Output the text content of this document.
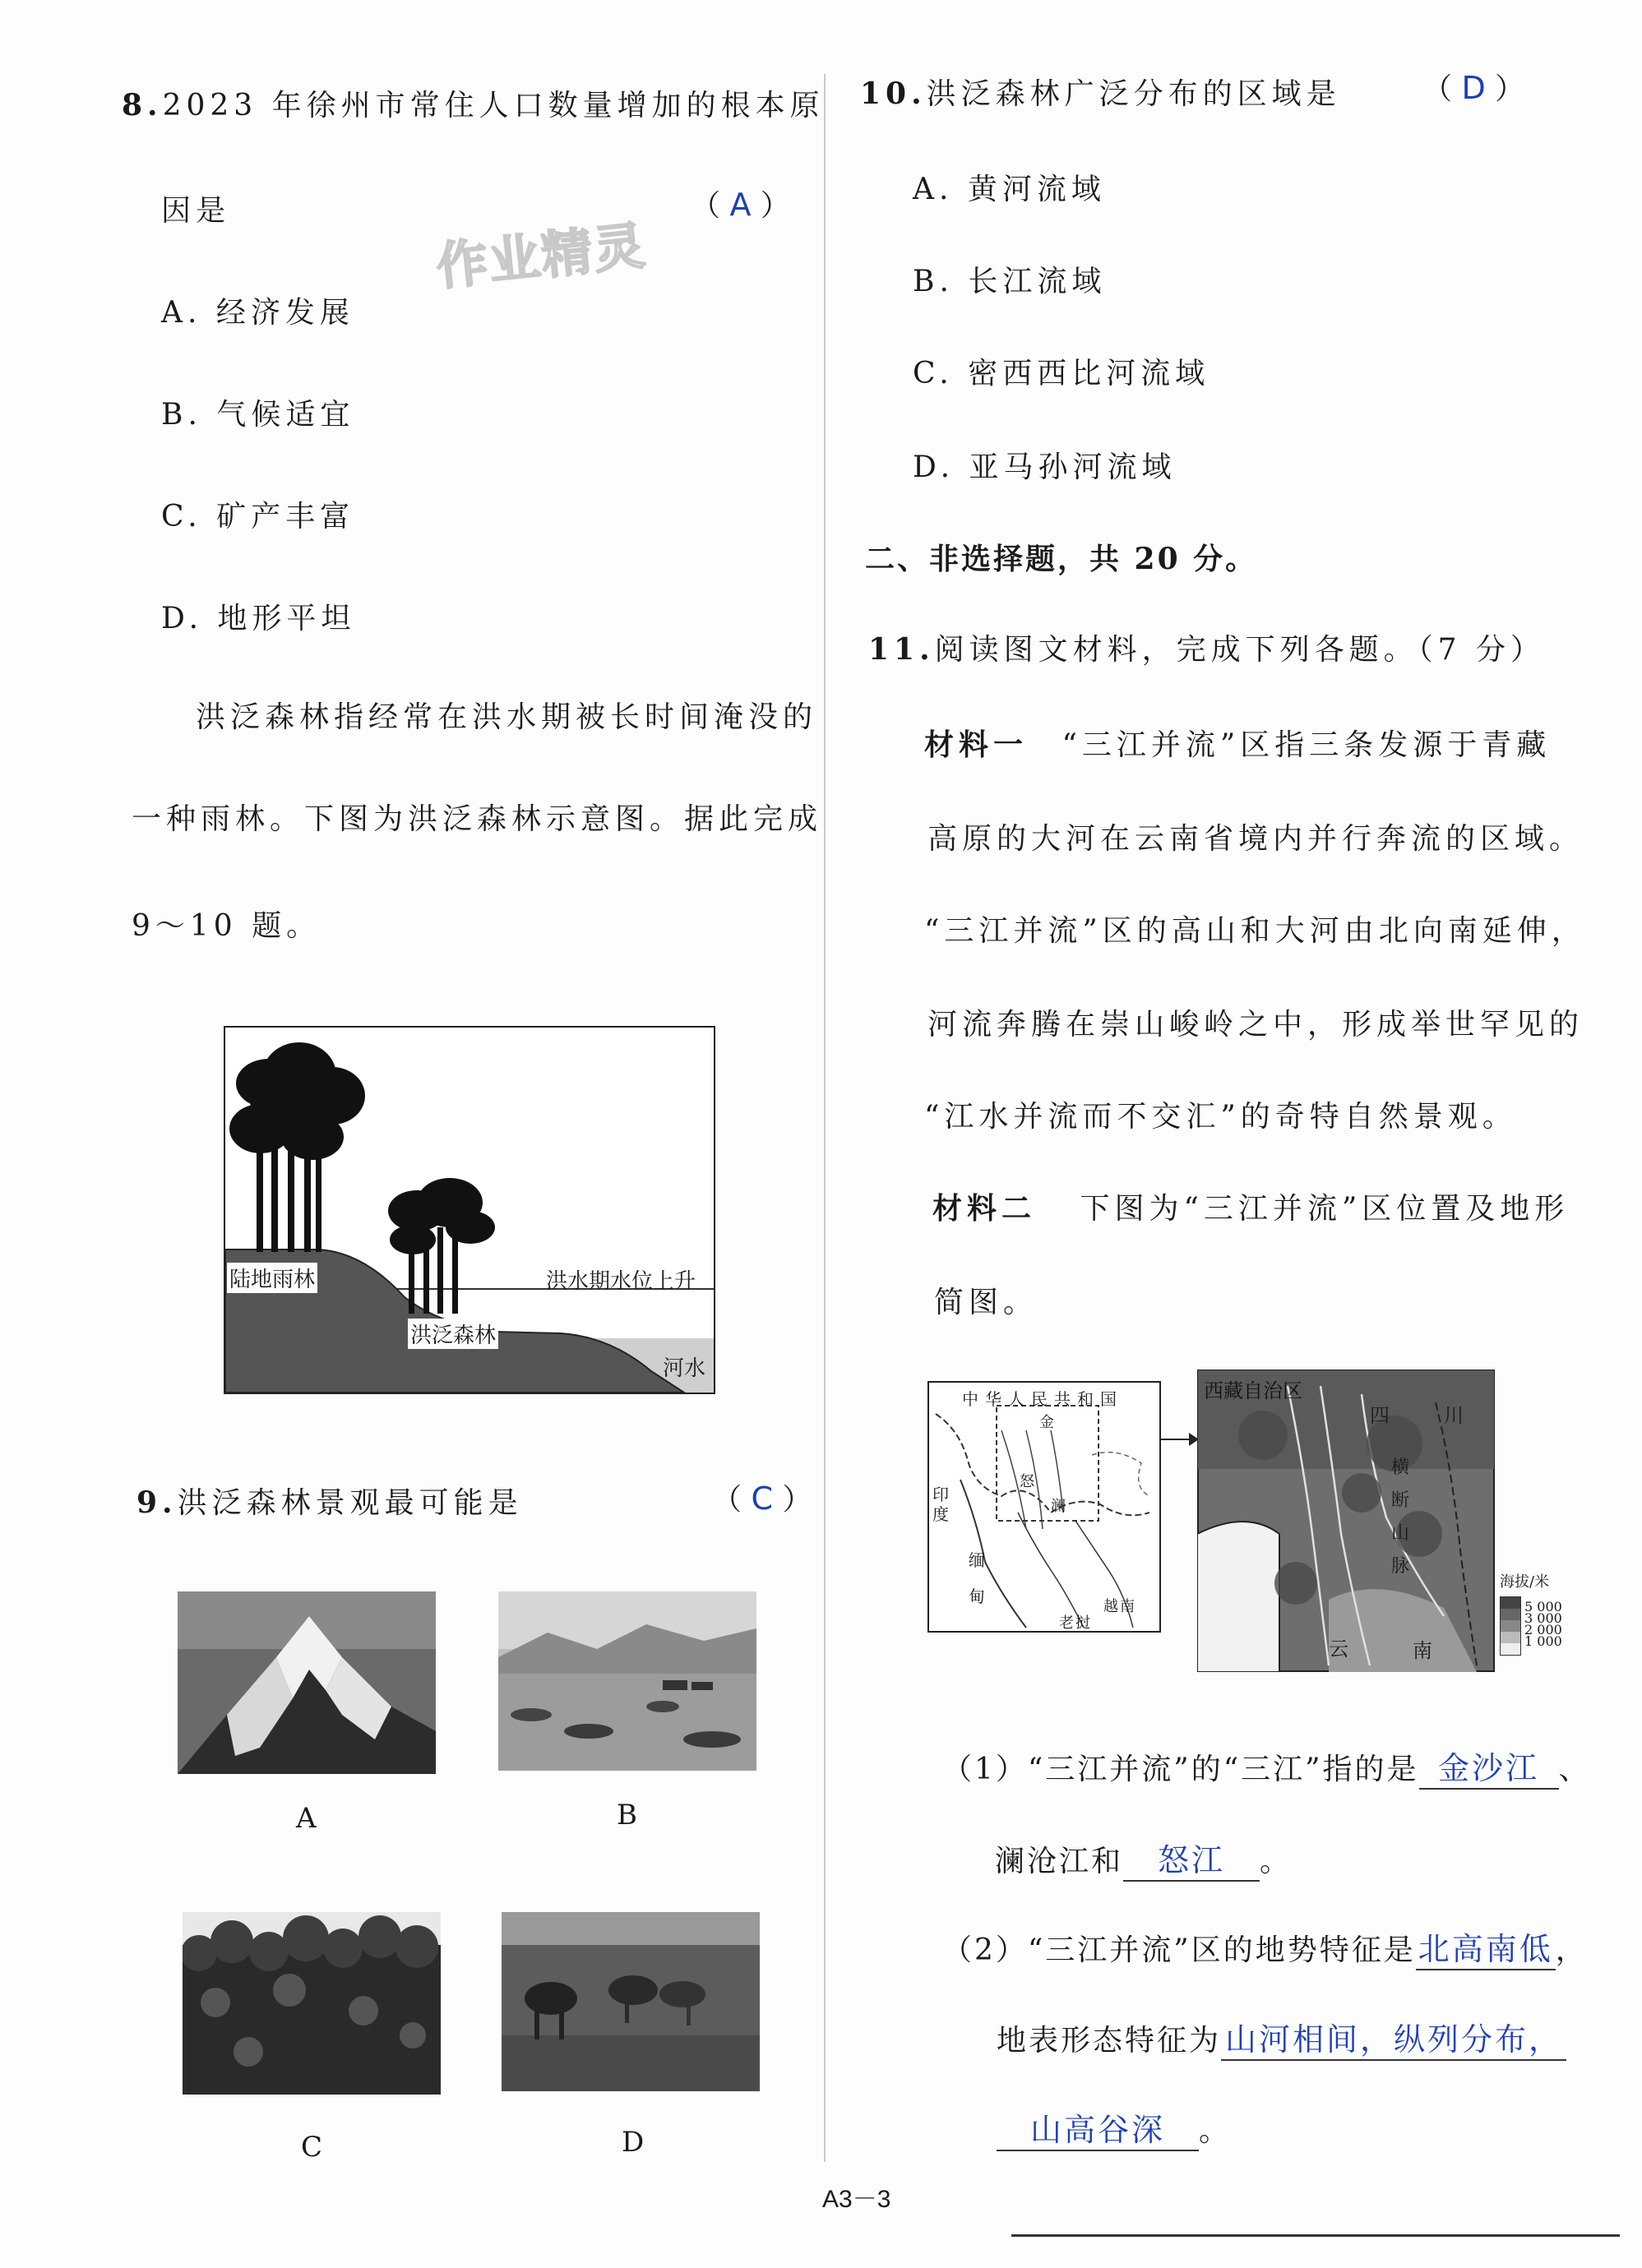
8.2023 年徐州市常住人口数量增加的根本原
因是	（ A ）
作业精灵
A. 经济发展
B. 气候适宜
C. 矿产丰富
D. 地形平坦
洪泛森林指经常在洪水期被长时间淹没的
一种雨林。下图为洪泛森林示意图。据此完成
9～10 题。
陆地雨林
洪泛森林
洪水期水位上升
河水
9.洪泛森林景观最可能是	（ C ）
A	B
C	D
10.洪泛森林广泛分布的区域是	（ D ）
A. 黄河流域
B. 长江流域
C. 密西西比河流域
D. 亚马孙河流域
二、非选择题，共 20 分。
11.阅读图文材料，完成下列各题。（7 分）
材料一 “三江并流”区指三条发源于青藏
高原的大河在云南省境内并行奔流的区域。
“三江并流”区的高山和大河由北向南延伸，
河流奔腾在崇山峻岭之中，形成举世罕见的
“江水并流而不交汇”的奇特自然景观。
材料二 下图为“三江并流”区位置及地形
简图。
中华人民共和国
印度
缅甸
老挝
越南
金
澜
怒
西藏自治区
四	川
横断山脉
云	南
海拔/米
5 000
3 000
2 000
1 000
（1）“三江并流”的“三江”指的是 金沙江 、
澜沧江和 怒江 。
（2）“三江并流”区的地势特征是北高南低，
地表形态特征为 山河相间，纵列分布，
山高谷深 。
A3－3
